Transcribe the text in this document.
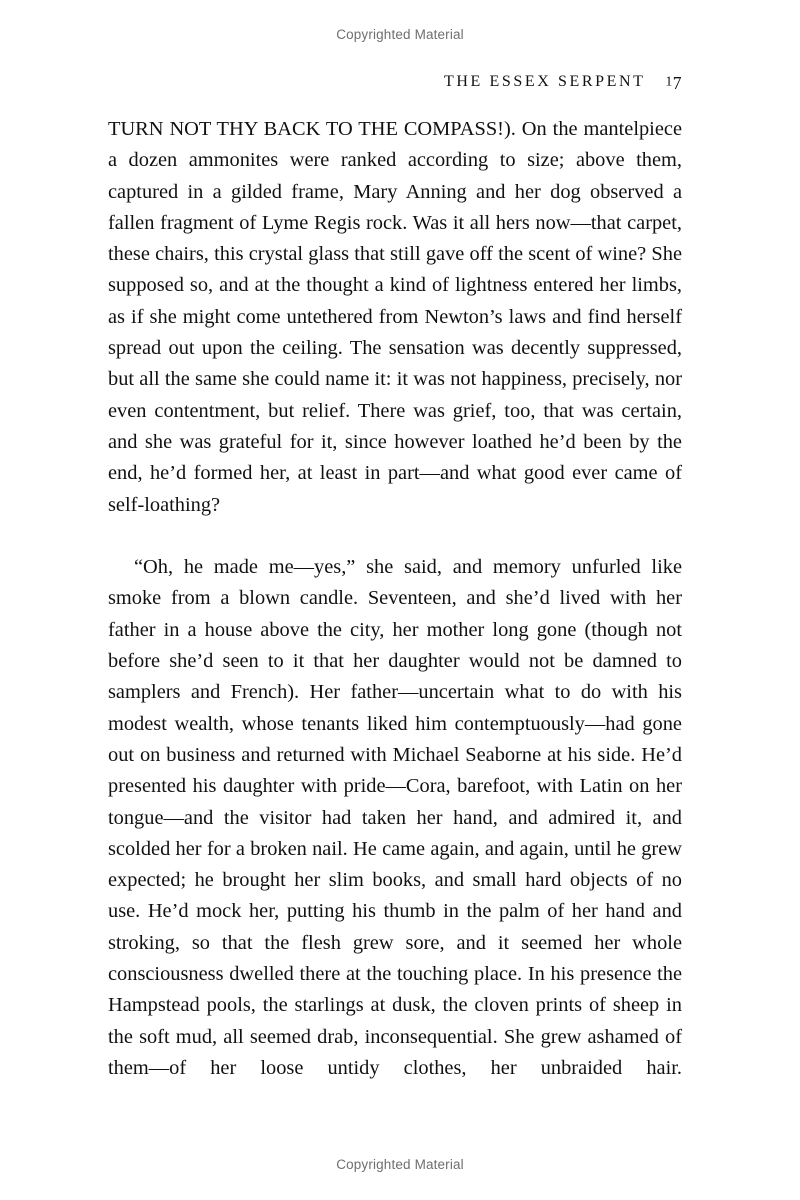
Copyrighted Material
THE ESSEX SERPENT 17

TURN NOT THY BACK TO THE COMPASS!). On the mantelpiece a dozen ammonites were ranked according to size; above them, captured in a gilded frame, Mary Anning and her dog observed a fallen fragment of Lyme Regis rock. Was it all hers now—that carpet, these chairs, this crystal glass that still gave off the scent of wine? She supposed so, and at the thought a kind of lightness entered her limbs, as if she might come untethered from Newton’s laws and find herself spread out upon the ceiling. The sensation was decently suppressed, but all the same she could name it: it was not happiness, precisely, nor even contentment, but relief. There was grief, too, that was certain, and she was grateful for it, since however loathed he’d been by the end, he’d formed her, at least in part—and what good ever came of self-loathing?

“Oh, he made me—yes,” she said, and memory unfurled like smoke from a blown candle. Seventeen, and she’d lived with her father in a house above the city, her mother long gone (though not before she’d seen to it that her daughter would not be damned to samplers and French). Her father—uncertain what to do with his modest wealth, whose tenants liked him contemptuously—had gone out on business and returned with Michael Seaborne at his side. He’d presented his daughter with pride—Cora, barefoot, with Latin on her tongue—and the visitor had taken her hand, and admired it, and scolded her for a broken nail. He came again, and again, until he grew expected; he brought her slim books, and small hard objects of no use. He’d mock her, putting his thumb in the palm of her hand and stroking, so that the flesh grew sore, and it seemed her whole consciousness dwelled there at the touching place. In his presence the Hampstead pools, the starlings at dusk, the cloven prints of sheep in the soft mud, all seemed drab, inconsequential. She grew ashamed of them—of her loose untidy clothes, her unbraided hair.

Copyrighted Material
